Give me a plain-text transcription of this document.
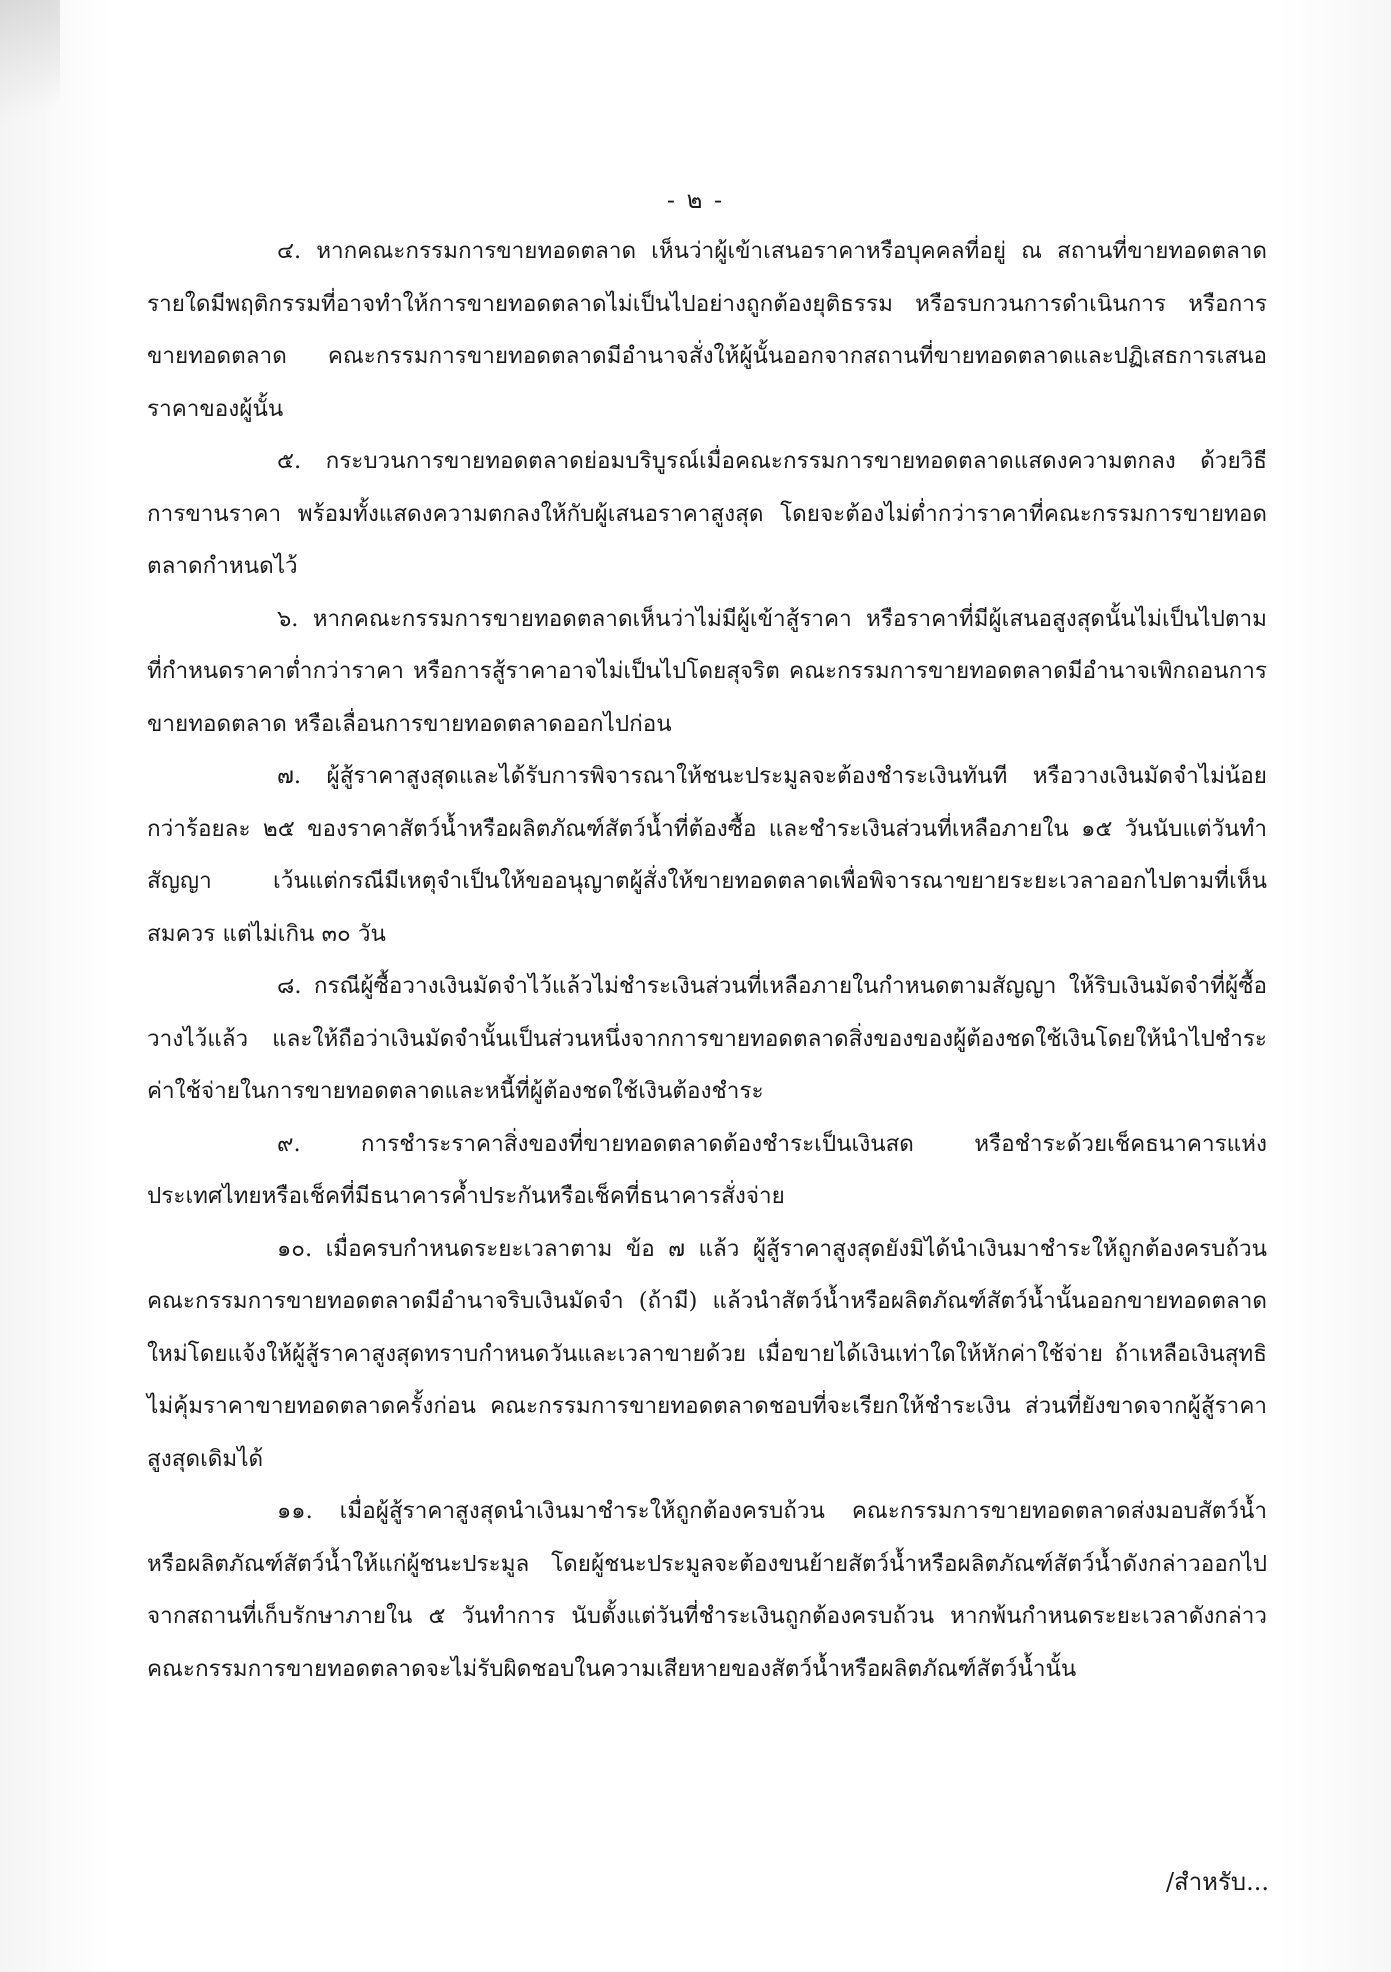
- ๒ -

๔. หากคณะกรรมการขายทอดตลาด เห็นว่าผู้เข้าเสนอราคาหรือบุคคลที่อยู่ ณ สถานที่ขายทอดตลาดรายใดมีพฤติกรรมที่อาจทำให้การขายทอดตลาดไม่เป็นไปอย่างถูกต้องยุติธรรม หรือรบกวนการดำเนินการ หรือการขายทอดตลาด คณะกรรมการขายทอดตลาดมีอำนาจสั่งให้ผู้นั้นออกจากสถานที่ขายทอดตลาดและปฏิเสธการเสนอราคาของผู้นั้น

๕. กระบวนการขายทอดตลาดย่อมบริบูรณ์เมื่อคณะกรรมการขายทอดตลาดแสดงความตกลง ด้วยวิธีการขานราคา พร้อมทั้งแสดงความตกลงให้กับผู้เสนอราคาสูงสุด โดยจะต้องไม่ต่ำกว่าราคาที่คณะกรรมการขายทอดตลาดกำหนดไว้

๖. หากคณะกรรมการขายทอดตลาดเห็นว่าไม่มีผู้เข้าสู้ราคา หรือราคาที่มีผู้เสนอสูงสุดนั้นไม่เป็นไปตามที่กำหนดราคาต่ำกว่าราคา หรือการสู้ราคาอาจไม่เป็นไปโดยสุจริต คณะกรรมการขายทอดตลาดมีอำนาจเพิกถอนการขายทอดตลาด หรือเลื่อนการขายทอดตลาดออกไปก่อน

๗. ผู้สู้ราคาสูงสุดและได้รับการพิจารณาให้ชนะประมูลจะต้องชำระเงินทันที หรือวางเงินมัดจำไม่น้อยกว่าร้อยละ ๒๕ ของราคาสัตว์น้ำหรือผลิตภัณฑ์สัตว์น้ำที่ต้องซื้อ และชำระเงินส่วนที่เหลือภายใน ๑๕ วันนับแต่วันทำสัญญา เว้นแต่กรณีมีเหตุจำเป็นให้ขออนุญาตผู้สั่งให้ขายทอดตลาดเพื่อพิจารณาขยายระยะเวลาออกไปตามที่เห็นสมควร แต่ไม่เกิน ๓๐ วัน

๘. กรณีผู้ซื้อวางเงินมัดจำไว้แล้วไม่ชำระเงินส่วนที่เหลือภายในกำหนดตามสัญญา ให้ริบเงินมัดจำที่ผู้ซื้อวางไว้แล้ว และให้ถือว่าเงินมัดจำนั้นเป็นส่วนหนึ่งจากการขายทอดตลาดสิ่งของของผู้ต้องชดใช้เงินโดยให้นำไปชำระค่าใช้จ่ายในการขายทอดตลาดและหนี้ที่ผู้ต้องชดใช้เงินต้องชำระ

๙. การชำระราคาสิ่งของที่ขายทอดตลาดต้องชำระเป็นเงินสด หรือชำระด้วยเช็คธนาคารแห่งประเทศไทยหรือเช็คที่มีธนาคารค้ำประกันหรือเช็คที่ธนาคารสั่งจ่าย

๑๐. เมื่อครบกำหนดระยะเวลาตาม ข้อ ๗ แล้ว ผู้สู้ราคาสูงสุดยังมิได้นำเงินมาชำระให้ถูกต้องครบถ้วน คณะกรรมการขายทอดตลาดมีอำนาจริบเงินมัดจำ (ถ้ามี) แล้วนำสัตว์น้ำหรือผลิตภัณฑ์สัตว์น้ำนั้นออกขายทอดตลาดใหม่โดยแจ้งให้ผู้สู้ราคาสูงสุดทราบกำหนดวันและเวลาขายด้วย เมื่อขายได้เงินเท่าใดให้หักค่าใช้จ่าย ถ้าเหลือเงินสุทธิไม่คุ้มราคาขายทอดตลาดครั้งก่อน คณะกรรมการขายทอดตลาดชอบที่จะเรียกให้ชำระเงิน ส่วนที่ยังขาดจากผู้สู้ราคาสูงสุดเดิมได้

๑๑. เมื่อผู้สู้ราคาสูงสุดนำเงินมาชำระให้ถูกต้องครบถ้วน คณะกรรมการขายทอดตลาดส่งมอบสัตว์น้ำหรือผลิตภัณฑ์สัตว์น้ำให้แก่ผู้ชนะประมูล โดยผู้ชนะประมูลจะต้องขนย้ายสัตว์น้ำหรือผลิตภัณฑ์สัตว์น้ำดังกล่าวออกไปจากสถานที่เก็บรักษาภายใน ๕ วันทำการ นับตั้งแต่วันที่ชำระเงินถูกต้องครบถ้วน หากพ้นกำหนดระยะเวลาดังกล่าว คณะกรรมการขายทอดตลาดจะไม่รับผิดชอบในความเสียหายของสัตว์น้ำหรือผลิตภัณฑ์สัตว์น้ำนั้น

/สำหรับ...
